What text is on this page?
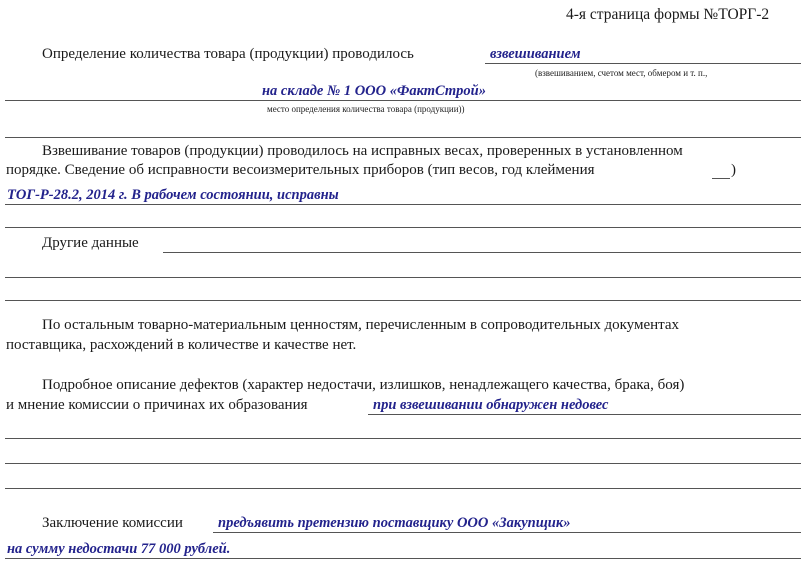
4-я страница формы №ТОРГ-2
Определение количества товара (продукции) проводилось	взвешиванием
(взвешиванием, счетом мест, обмером и т. п.,
на складе № 1 ООО «ФактСтрой»
место определения количества товара (продукции))
Взвешивание товаров (продукции) проводилось на исправных весах, проверенных в установленном
порядке. Сведение об исправности весоизмерительных приборов (тип весов, год клеймения	)
ТОГ-Р-28.2, 2014 г. В рабочем состоянии, исправны
Другие данные
По остальным товарно-материальным ценностям, перечисленным в сопроводительных документах
поставщика, расхождений в количестве и качестве нет.
Подробное описание дефектов (характер недостачи, излишков, ненадлежащего качества, брака, боя)
и мнение комиссии о причинах их образования	при взвешивании обнаружен недовес
Заключение комиссии предъявить претензию поставщику ООО «Закупщик»
на сумму недостачи 77 000 рублей.
